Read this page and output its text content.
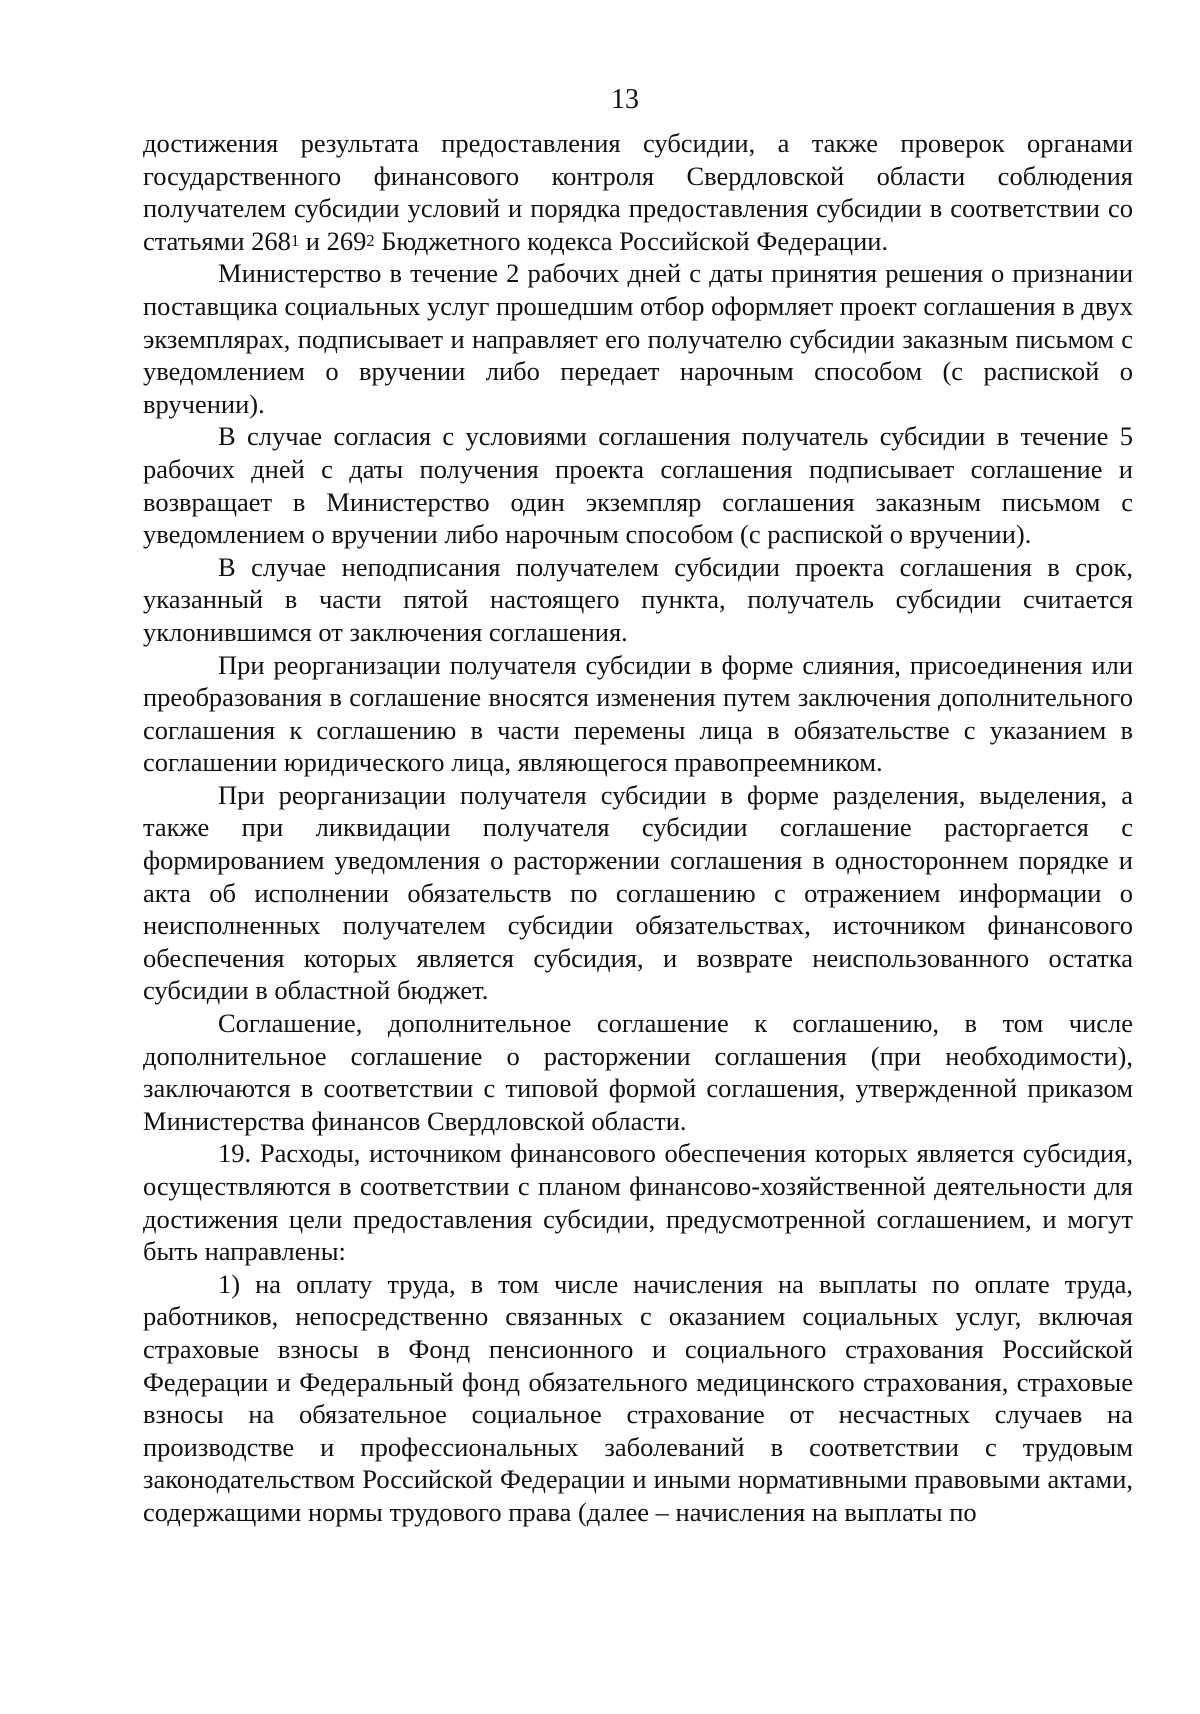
13

достижения результата предоставления субсидии, а также проверок органами государственного финансового контроля Свердловской области соблюдения получателем субсидии условий и порядка предоставления субсидии в соответствии со статьями $268^1$ и $269^2$ Бюджетного кодекса Российской Федерации.

Министерство в течение 2 рабочих дней с даты принятия решения о признании поставщика социальных услуг прошедшим отбор оформляет проект соглашения в двух экземплярах, подписывает и направляет его получателю субсидии заказным письмом с уведомлением о вручении либо передает нарочным способом (с распиской о вручении).

В случае согласия с условиями соглашения получатель субсидии в течение 5 рабочих дней с даты получения проекта соглашения подписывает соглашение и возвращает в Министерство один экземпляр соглашения заказным письмом с уведомлением о вручении либо нарочным способом (с распиской о вручении).

В случае неподписания получателем субсидии проекта соглашения в срок, указанный в части пятой настоящего пункта, получатель субсидии считается уклонившимся от заключения соглашения.

При реорганизации получателя субсидии в форме слияния, присоединения или преобразования в соглашение вносятся изменения путем заключения дополнительного соглашения к соглашению в части перемены лица в обязательстве с указанием в соглашении юридического лица, являющегося правопреемником.

При реорганизации получателя субсидии в форме разделения, выделения, а также при ликвидации получателя субсидии соглашение расторгается с формированием уведомления о расторжении соглашения в одностороннем порядке и акта об исполнении обязательств по соглашению с отражением информации о неисполненных получателем субсидии обязательствах, источником финансового обеспечения которых является субсидия, и возврате неиспользованного остатка субсидии в областной бюджет.

Соглашение, дополнительное соглашение к соглашению, в том числе дополнительное соглашение о расторжении соглашения (при необходимости), заключаются в соответствии с типовой формой соглашения, утвержденной приказом Министерства финансов Свердловской области.

19. Расходы, источником финансового обеспечения которых является субсидия, осуществляются в соответствии с планом финансово-хозяйственной деятельности для достижения цели предоставления субсидии, предусмотренной соглашением, и могут быть направлены:

1) на оплату труда, в том числе начисления на выплаты по оплате труда, работников, непосредственно связанных с оказанием социальных услуг, включая страховые взносы в Фонд пенсионного и социального страхования Российской Федерации и Федеральный фонд обязательного медицинского страхования, страховые взносы на обязательное социальное страхование от несчастных случаев на производстве и профессиональных заболеваний в соответствии с трудовым законодательством Российской Федерации и иными нормативными правовыми актами, содержащими нормы трудового права (далее – начисления на выплаты по
